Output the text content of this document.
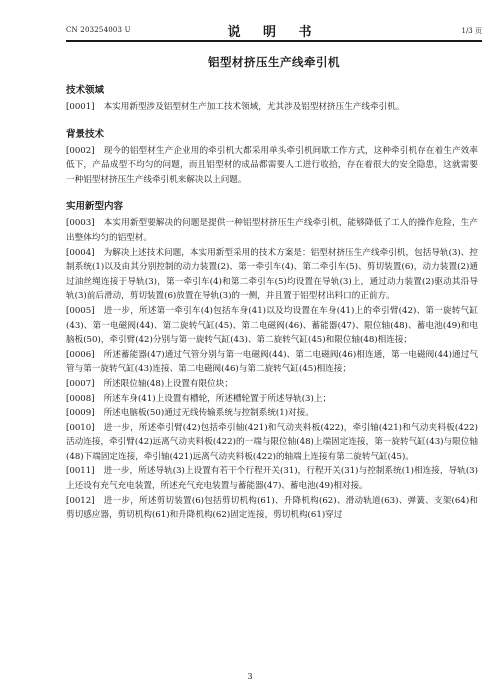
CN 203254003 U	说 明 书	1/3 页
铝型材挤压生产线牵引机
技术领域

[0001] 本实用新型涉及铝型材生产加工技术领域，尤其涉及铝型材挤压生产线牵引机。

背景技术

[0002] 现今的铝型材生产企业用的牵引机大都采用单头牵引机间歇工作方式，这种牵引机存在着生产效率低下，产品成型不均匀的问题，而且铝型材的成品都需要人工进行收拾，存在着很大的安全隐患，这就需要一种铝型材挤压生产线牵引机来解决以上问题。

实用新型内容

[0003] 本实用新型要解决的问题是提供一种铝型材挤压生产线牵引机，能够降低了工人的操作危险，生产出整体均匀的铝型材。

[0004] 为解决上述技术问题，本实用新型采用的技术方案是：铝型材挤压生产线牵引机，包括导轨(3)、控制系统(1)以及由其分别控制的动力装置(2)、第一牵引车(4)、第二牵引车(5)、剪切装置(6)，动力装置(2)通过油丝绳连接于导轨(3)，第一牵引车(4)和第二牵引车(5)均设置在导轨(3)上，通过动力装置(2)驱动其沿导轨(3)前后滑动，剪切装置(6)放置在导轨(3)的一侧，并且置于铝型材出料口的正前方。

[0005] 进一步，所述第一牵引车(4)包括车身(41)以及均设置在车身(41)上的牵引臂(42)、第一旋转气缸(43)、第一电磁阀(44)、第二旋转气缸(45)、第二电磁阀(46)、蓄能器(47)、限位轴(48)、蓄电池(49)和电脑板(50)，牵引臂(42)分别与第一旋转气缸(43)、第二旋转气缸(45)和限位轴(48)相连接；

[0006] 所述蓄能器(47)通过气管分别与第一电磁阀(44)、第二电磁阀(46)相连通，第一电磁阀(44)通过气管与第一旋转气缸(43)连接、第二电磁阀(46)与第二旋转气缸(45)相连接；

[0007] 所述限位轴(48)上设置有限位块；

[0008] 所述车身(41)上设置有槽轮，所述槽轮置于所述导轨(3)上；

[0009] 所述电脑板(50)通过无线传输系统与控制系统(1)对接。

[0010] 进一步，所述牵引臂(42)包括牵引轴(421)和气动夹料板(422)，牵引轴(421)和气动夹料板(422)活动连接，牵引臂(42)远离气动夹料板(422)的一端与限位轴(48)上端固定连接，第一旋转气缸(43)与限位轴(48)下端固定连接，牵引轴(421)远离气动夹料板(422)的轴端上连接有第二旋转气缸(45)。

[0011] 进一步，所述导轨(3)上设置有若干个行程开关(31)，行程开关(31)与控制系统(1)相连接，导轨(3)上还设有充气充电装置，所述充气充电装置与蓄能器(47)、蓄电池(49)相对接。

[0012] 进一步，所述剪切装置(6)包括剪切机构(61)、升降机构(62)、滑动轨道(63)、弹簧、支架(64)和剪切感应器，剪切机构(61)和升降机构(62)固定连接，剪切机构(61)穿过

3
